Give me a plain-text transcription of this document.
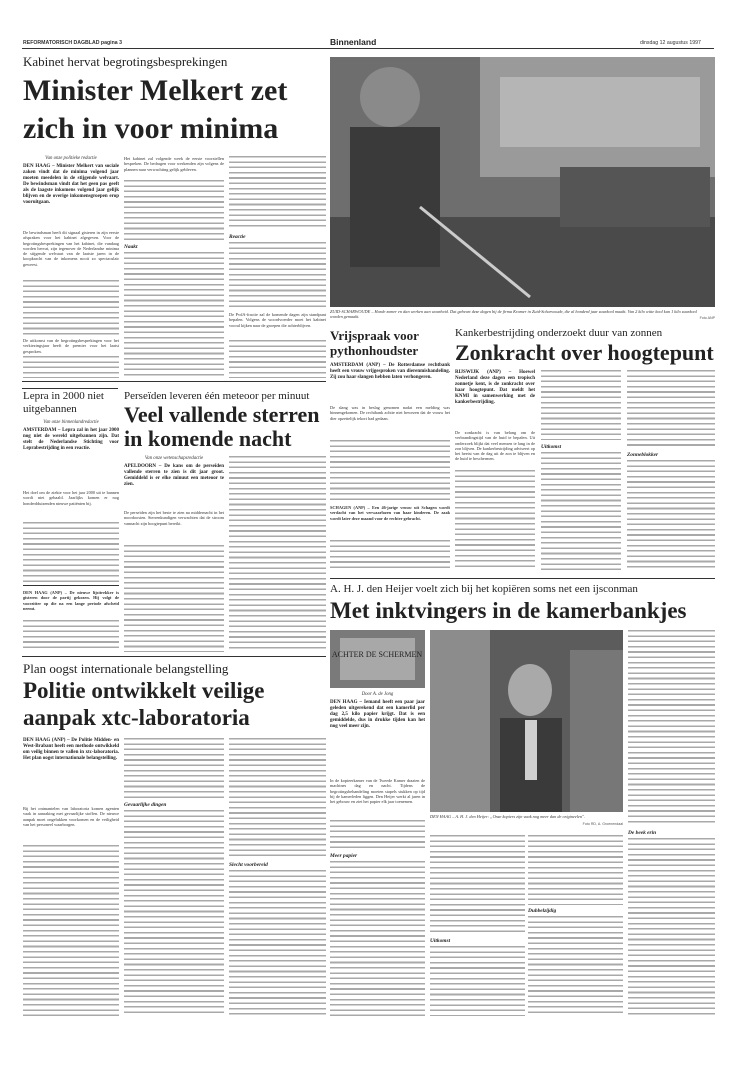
REFORMATORISCH DAGBLAD pagina 3	Binnenland	dinsdag 12 augustus 1997
Kabinet hervat begrotingsbesprekingen
Minister Melkert zet
zich in voor minima
Van onze politieke redactie
DEN HAAG – Minister Melkert van sociale zaken vindt dat de minima volgend jaar moeten meedelen in de stijgende welvaart. De bewindsman vindt dat het geen pas geeft als de laagste inkomens volgend jaar gelijk blijven en de overige inkomensgroepen erop vooruitgaan.
De bewindsman heeft dit signaal gisteren in zijn eerste afspraken voor het kabinet afgegeven. Voor de begrotingsbesprekingen van het kabinet, die vandaag worden hervat, zijn tegenover de Nederlandse minima de stijgende welvaart van de laatste jaren in de koopkracht van de inkomens nooit zo spectaculair geweest.
De uitkomst van de begrotingsbesprekingen voor het verkiezingsjaar heeft de premier voor het laatst gesproken.
Het kabinet zal volgende week de eerste voorstellen bespreken. De bedragen voor werkenden zijn volgens de plannen naar verwachting gelijk gebleven.
Naakt
Reactie
De PvdA-fractie zal de komende dagen zijn standpunt bepalen. Volgens de woordvoerder moet het kabinet vooral kijken naar de groepen die achterblijven.
ZUID-SCHARWOUDE – Harde zomer en dan werken aan waarheid. Dat gebeurt deze dagen bij de firma Kramer in Zuid-Scharwoude, die al honderd jaar zuurkool maakt. Van 2 kilo witte kool kan 1 kilo zuurkool worden gemaakt.	Foto ANP
Vrijspraak voor
pythonhoudster
AMSTERDAM (ANP) – De Rotterdamse rechtbank heeft een vrouw vrijgesproken van dierenmishandeling. Zij zou haar slangen hebben laten verhongeren.
De slang was in beslag genomen nadat een melding was binnengekomen. De rechtbank achtte niet bewezen dat de vrouw het dier opzettelijk tekort had gedaan.
SCHAGEN (ANP) – Een 46-jarige vrouw uit Schagen wordt verdacht van het verwaarlozen van haar kinderen. De zaak wordt later deze maand voor de rechter gebracht.
Kankerbestrijding onderzoekt duur van zonnen
Zonkracht over hoogtepunt
RIJSWIJK (ANP) – Hoewel Nederland deze dagen een tropisch zonnetje kent, is de zonkracht over haar hoogtepunt. Dat meldt het KNMI in samenwerking met de kankerbestrijding.
De zonkracht is van belang om de verbrandingstijd van de huid te bepalen. Uit onderzoek blijkt dat veel mensen te lang in de zon blijven. De kankerbestrijding adviseert op het heetst van de dag uit de zon te blijven en de huid te beschermen.
Uitkomst
Zonneblokker
Lepra in 2000 niet uitgebannen
Van onze binnenlandredactie
AMSTERDAM – Lepra zal in het jaar 2000 nog niet de wereld uitgebannen zijn. Dat stelt de Nederlandse Stichting voor Leprabestrijding in een reactie.
Het doel om de ziekte voor het jaar 2000 uit te bannen wordt niet gehaald. Jaarlijks komen er nog honderdduizenden nieuwe patiënten bij.
DEN HAAG (ANP) – De nieuwe lijsttrekker is gisteren door de partij gekozen. Hij volgt de voorzitter op die na een lange periode afscheid neemt.
Perseïden leveren één meteoor per minuut
Veel vallende sterren
in komende nacht
Van onze wetenschapsredactie
APELDOORN – De kans om de perseïden vallende sterren te zien is dit jaar groot. Gemiddeld is er elke minuut een meteoor te zien.
De perseïden zijn het beste te zien na middernacht in het noordoosten. Sterrenkundigen verwachten dat de stroom vannacht zijn hoogtepunt bereikt.
A. H. J. den Heijer voelt zich bij het kopiëren soms net een ijsconman
Met inktvingers in de kamerbankjes
ACHTER DE SCHERMEN
Door A. de Jong
DEN HAAG – Iemand heeft een paar jaar geleden uitgerekend dat een kamerlid per dag 2,5 kilo papier krijgt. Dat is een gemiddelde, dus in drukke tijden kan het nog veel meer zijn.
In de kopieerkamer van de Tweede Kamer draaien de machines dag en nacht. Tijdens de begrotingsbehandeling moeten stapels stukken op tijd bij de kamerleden liggen. Den Heijer werkt al jaren in het gebouw en ziet het papier elk jaar toenemen.
Meer papier
DEN HAAG – A. H. J. den Heijer: „Onze kopiers zijn vaak nog meer dan de origineelen".
Foto RD, A. Groenendaal
Uitkomst
Dubbelzijdig
De beek erin
Plan oogst internationale belangstelling
Politie ontwikkelt veilige
aanpak xtc-laboratoria
DEN HAAG (ANP) – De Politie Midden- en West-Brabant heeft een methode ontwikkeld om veilig binnen te vallen in xtc-laboratoria. Het plan oogst internationale belangstelling.
Bij het ontmantelen van laboratoria komen agenten vaak in aanraking met gevaarlijke stoffen. De nieuwe aanpak moet ongelukken voorkomen en de veiligheid van het personeel waarborgen.
Gevaarlijke dingen
Slecht voorbereid
